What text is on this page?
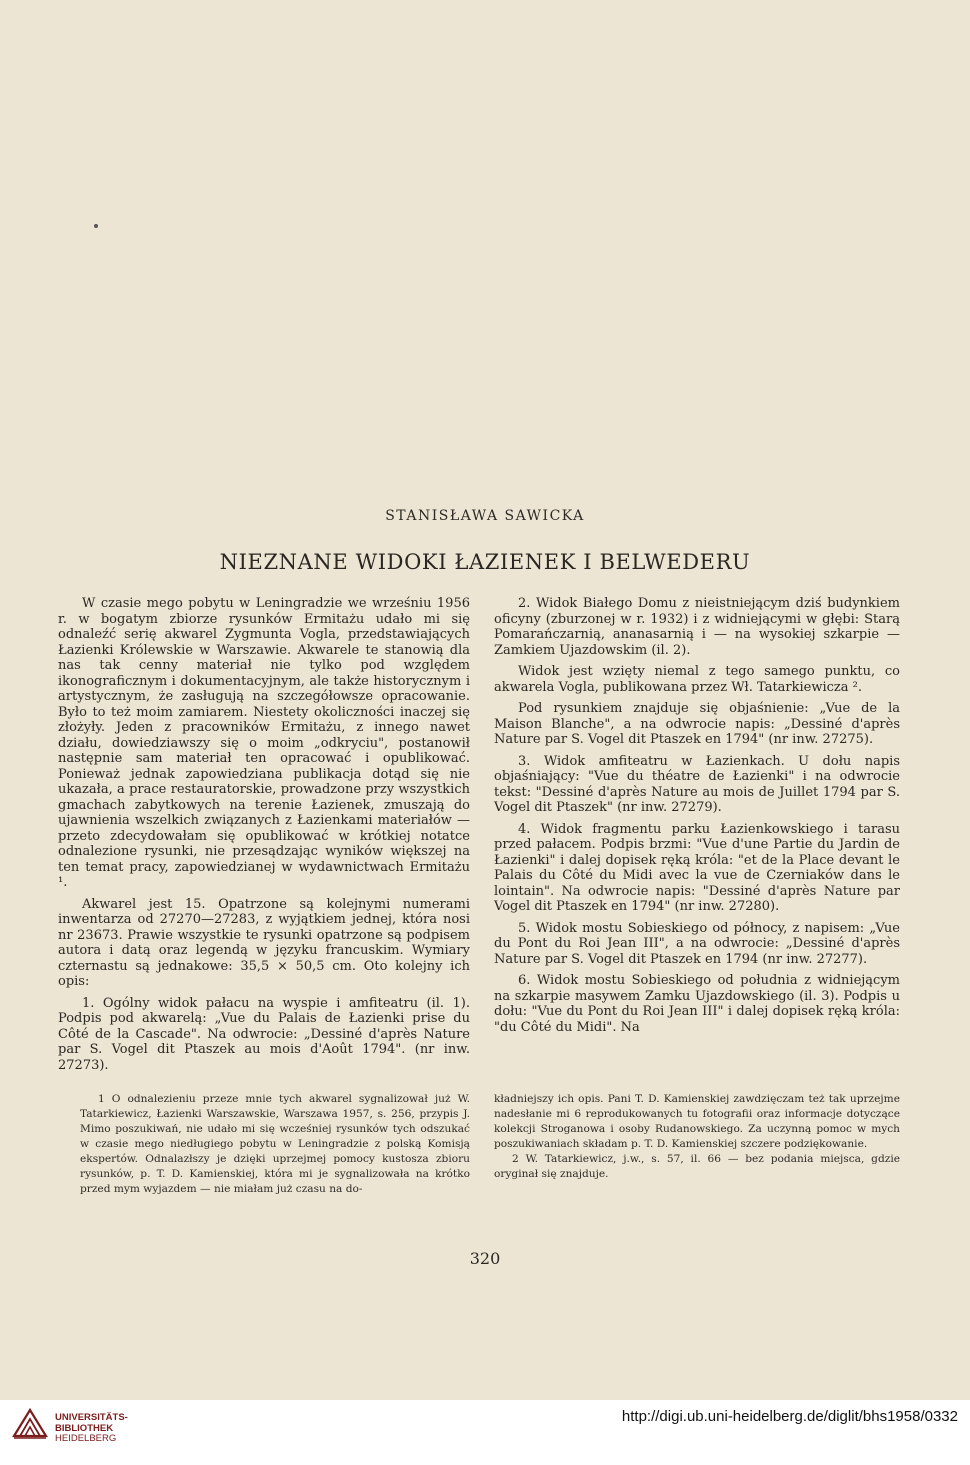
STANISŁAWA SAWICKA
NIEZNANE WIDOKI ŁAZIENEK I BELWEDERU

W czasie mego pobytu w Leningradzie we wrześniu 1956 r. w bogatym zbiorze rysunków Ermitażu udało mi się odnaleźć serię akwarel Zygmunta Vogla, przedstawiających Łazienki Królewskie w Warszawie. Akwarele te stanowią dla nas tak cenny materiał nie tylko pod względem ikonograficznym i dokumentacyjnym, ale także historycznym i artystycznym, że zasługują na szczegółowsze opracowanie. Było to też moim zamiarem. Niestety okoliczności inaczej się złożyły. Jeden z pracowników Ermitażu, z innego nawet działu, dowiedziawszy się o moim „odkryciu", postanowił następnie sam materiał ten opracować i opublikować. Ponieważ jednak zapowiedziana publikacja dotąd się nie ukazała, a prace restauratorskie, prowadzone przy wszystkich gmachach zabytkowych na terenie Łazienek, zmuszają do ujawnienia wszelkich związanych z Łazienkami materiałów — przeto zdecydowałam się opublikować w krótkiej notatce odnalezione rysunki, nie przesądzając wyników większej na ten temat pracy, zapowiedzianej w wydawnictwach Ermitażu ¹.

Akwarel jest 15. Opatrzone są kolejnymi numerami inwentarza od 27270—27283, z wyjątkiem jednej, która nosi nr 23673. Prawie wszystkie te rysunki opatrzone są podpisem autora i datą oraz legendą w języku francuskim. Wymiary czternastu są jednakowe: 35,5 × 50,5 cm. Oto kolejny ich opis:

1. Ogólny widok pałacu na wyspie i amfiteatru (il. 1). Podpis pod akwarelą: „Vue du Palais de Łazienki prise du Côté de la Cascade". Na odwrocie: „Dessiné d'après Nature par S. Vogel dit Ptaszek au mois d'Août 1794". (nr inw. 27273).

2. Widok Białego Domu z nieistniejącym dziś budynkiem oficyny (zburzonej w r. 1932) i z widniejącymi w głębi: Starą Pomarańczarnią, ananasarnią i — na wysokiej szkarpie — Zamkiem Ujazdowskim (il. 2).

Widok jest wzięty niemal z tego samego punktu, co akwarela Vogla, publikowana przez Wł. Tatarkiewicza ².

Pod rysunkiem znajduje się objaśnienie: „Vue de la Maison Blanche", a na odwrocie napis: „Dessiné d'après Nature par S. Vogel dit Ptaszek en 1794" (nr inw. 27275).

3. Widok amfiteatru w Łazienkach. U dołu napis objaśniający: "Vue du théatre de Łazienki" i na odwrocie tekst: "Dessiné d'après Nature au mois de Juillet 1794 par S. Vogel dit Ptaszek" (nr inw. 27279).

4. Widok fragmentu parku Łazienkowskiego i tarasu przed pałacem. Podpis brzmi: "Vue d'une Partie du Jardin de Łazienki" i dalej dopisek ręką króla: "et de la Place devant le Palais du Côté du Midi avec la vue de Czerniaków dans le lointain". Na odwrocie napis: "Dessiné d'après Nature par Vogel dit Ptaszek en 1794" (nr inw. 27280).

5. Widok mostu Sobieskiego od północy, z napisem: „Vue du Pont du Roi Jean III", a na odwrocie: „Dessiné d'après Nature par S. Vogel dit Ptaszek en 1794 (nr inw. 27277).

6. Widok mostu Sobieskiego od południa z widniejącym na szkarpie masywem Zamku Ujazdowskiego (il. 3). Podpis u dołu: "Vue du Pont du Roi Jean III" i dalej dopisek ręką króla: "du Côté du Midi". Na

1 O odnalezieniu przeze mnie tych akwarel sygnalizował już W. Tatarkiewicz, Łazienki Warszawskie, Warszawa 1957, s. 256, przypis J. Mimo poszukiwań, nie udało mi się wcześniej rysunków tych odszukać w czasie mego niedługiego pobytu w Leningradzie z polską Komisją ekspertów. Odnalazłszy je dzięki uprzejmej pomocy kustosza zbioru rysunków, p. T. D. Kamienskiej, która mi je sygnalizowała na krótko przed mym wyjazdem — nie miałam już czasu na do-

kładniejszy ich opis. Pani T. D. Kamienskiej zawdzięczam też tak uprzejme nadesłanie mi 6 reprodukowanych tu fotografii oraz informacje dotyczące kolekcji Stroganowa i osoby Rudanowskiego. Za uczynną pomoc w mych poszukiwaniach składam p. T. D. Kamienskiej szczere podziękowanie.

2 W. Tatarkiewicz, j.w., s. 57, il. 66 — bez podania miejsca, gdzie oryginał się znajduje.

320
UNIVERSITÄTS-
BIBLIOTHEK
HEIDELBERG
http://digi.ub.uni-heidelberg.de/diglit/bhs1958/0332
